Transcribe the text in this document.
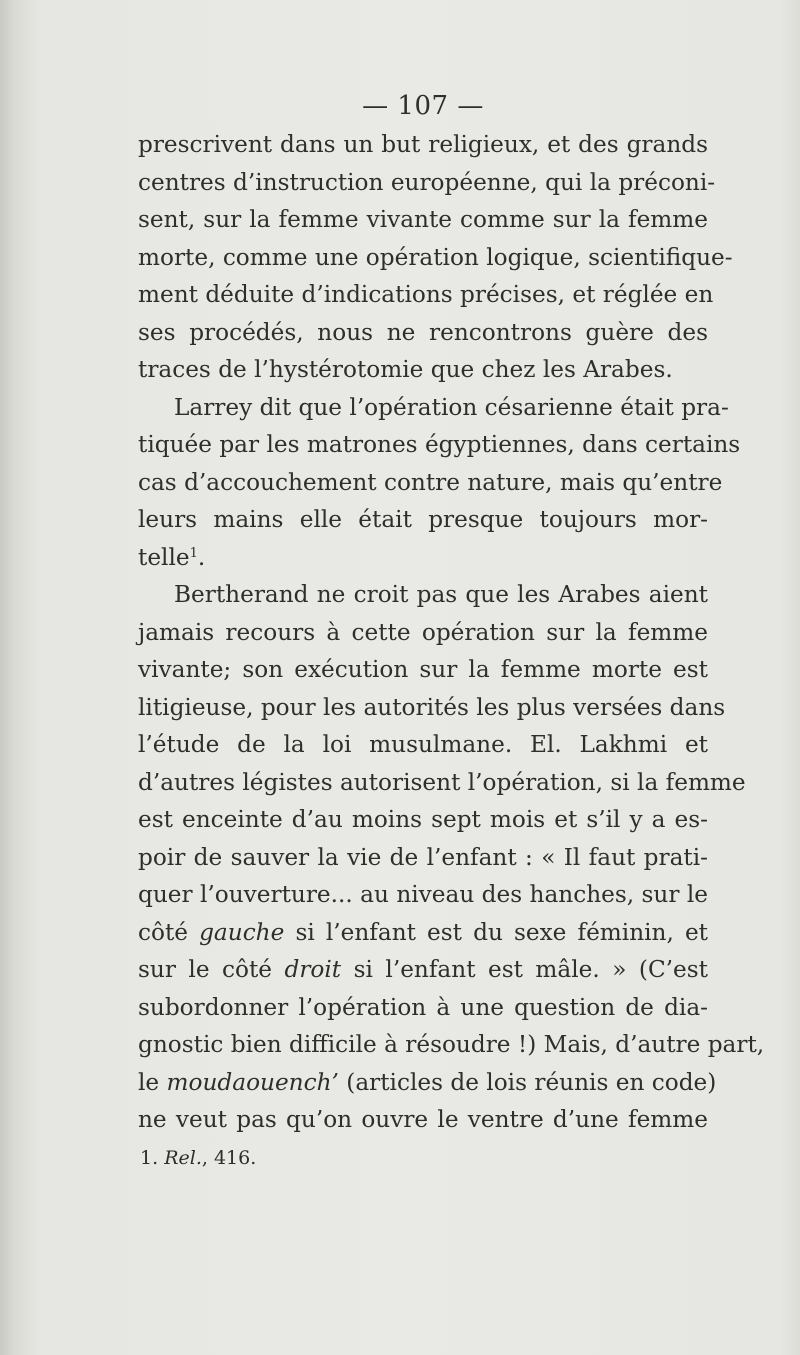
— 107 —
prescrivent dans un but religieux, et des grands
centres d’instruction européenne, qui la préconi-
sent, sur la femme vivante comme sur la femme
morte, comme une opération logique, scientifique-
ment déduite d’indications précises, et réglée en
ses procédés, nous ne rencontrons guère des
traces de l’hystérotomie que chez les Arabes.
Larrey dit que l’opération césarienne était pra-
tiquée par les matrones égyptiennes, dans certains
cas d’accouchement contre nature, mais qu’entre
leurs mains elle était presque toujours mor-
telle$^1$.
Bertherand ne croit pas que les Arabes aient
jamais recours à cette opération sur la femme
vivante; son exécution sur la femme morte est
litigieuse, pour les autorités les plus versées dans
l’étude de la loi musulmane. El. Lakhmi et
d’autres légistes autorisent l’opération, si la femme
est enceinte d’au moins sept mois et s’il y a es-
poir de sauver la vie de l’enfant : « Il faut prati-
quer l’ouverture... au niveau des hanches, sur le
côté gauche si l’enfant est du sexe féminin, et
sur le côté droit si l’enfant est mâle. » (C’est
subordonner l’opération à une question de dia-
gnostic bien difficile à résoudre !) Mais, d’autre part,
le moudaouench’ (articles de lois réunis en code)
ne veut pas qu’on ouvre le ventre d’une femme
1. Rel., 416.
